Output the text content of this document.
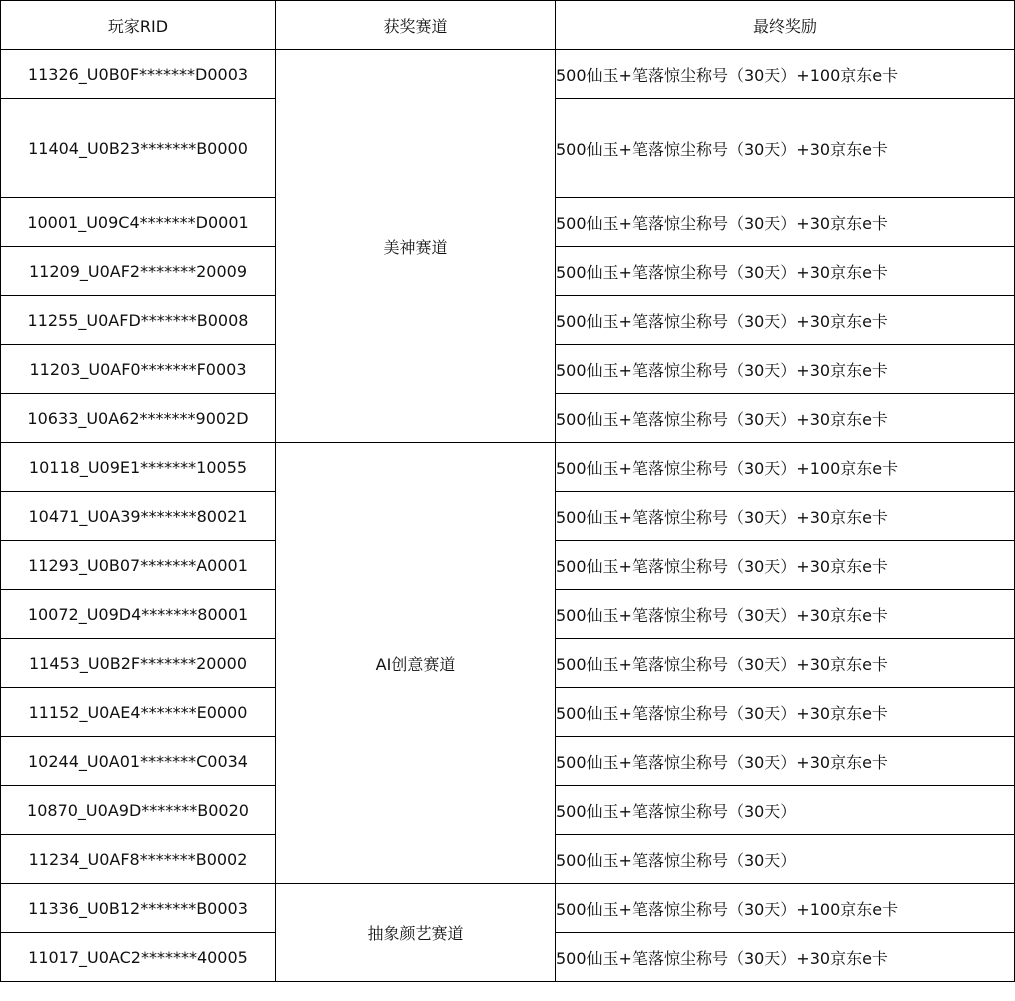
玩家RID	获奖赛道	最终奖励
11326_U0B0F*******D0003	美神赛道	500仙玉+笔落惊尘称号（30天）+100京东e卡
11404_U0B23*******B0000		500仙玉+笔落惊尘称号（30天）+30京东e卡
10001_U09C4*******D0001		500仙玉+笔落惊尘称号（30天）+30京东e卡
11209_U0AF2*******20009		500仙玉+笔落惊尘称号（30天）+30京东e卡
11255_U0AFD*******B0008		500仙玉+笔落惊尘称号（30天）+30京东e卡
11203_U0AF0*******F0003		500仙玉+笔落惊尘称号（30天）+30京东e卡
10633_U0A62*******9002D		500仙玉+笔落惊尘称号（30天）+30京东e卡
10118_U09E1*******10055	AI创意赛道	500仙玉+笔落惊尘称号（30天）+100京东e卡
10471_U0A39*******80021		500仙玉+笔落惊尘称号（30天）+30京东e卡
11293_U0B07*******A0001		500仙玉+笔落惊尘称号（30天）+30京东e卡
10072_U09D4*******80001		500仙玉+笔落惊尘称号（30天）+30京东e卡
11453_U0B2F*******20000		500仙玉+笔落惊尘称号（30天）+30京东e卡
11152_U0AE4*******E0000		500仙玉+笔落惊尘称号（30天）+30京东e卡
10244_U0A01*******C0034		500仙玉+笔落惊尘称号（30天）+30京东e卡
10870_U0A9D*******B0020		500仙玉+笔落惊尘称号（30天）
11234_U0AF8*******B0002		500仙玉+笔落惊尘称号（30天）
11336_U0B12*******B0003	抽象颜艺赛道	500仙玉+笔落惊尘称号（30天）+100京东e卡
11017_U0AC2*******40005		500仙玉+笔落惊尘称号（30天）+30京东e卡
